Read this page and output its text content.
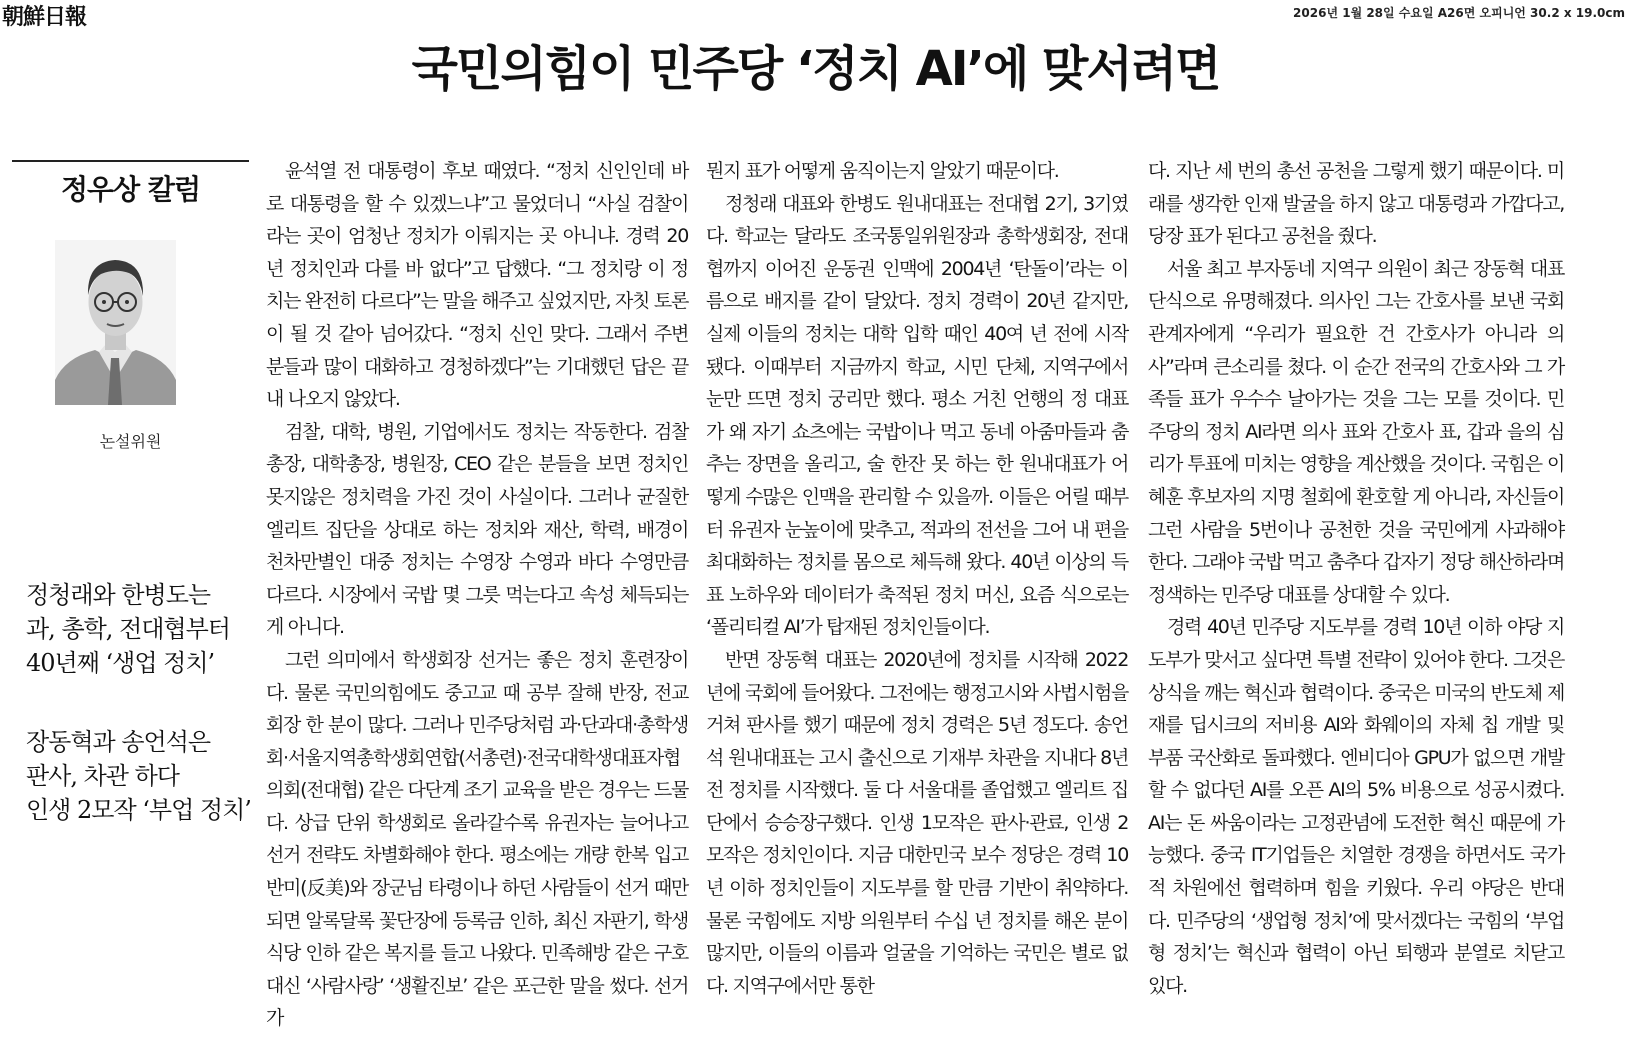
朝鮮日報	2026년 1월 28일 수요일 A26면 오피니언 30.2 x 19.0cm
국민의힘이 민주당 ‘정치 AI’에 맞서려면
정우상 칼럼
논설위원
정청래와 한병도는
과, 총학, 전대협부터
40년째 ‘생업 정치’
장동혁과 송언석은
판사, 차관 하다
인생 2모작 ‘부업 정치’

윤석열 전 대통령이 후보 때였다. “정치 신인인데 바로 대통령을 할 수 있겠느냐”고 물었더니 “사실 검찰이라는 곳이 엄청난 정치가 이뤄지는 곳 아니냐. 경력 20년 정치인과 다를 바 없다”고 답했다. “그 정치랑 이 정치는 완전히 다르다”는 말을 해주고 싶었지만, 자칫 토론이 될 것 같아 넘어갔다. “정치 신인 맞다. 그래서 주변 분들과 많이 대화하고 경청하겠다”는 기대했던 답은 끝내 나오지 않았다.

검찰, 대학, 병원, 기업에서도 정치는 작동한다. 검찰총장, 대학총장, 병원장, CEO 같은 분들을 보면 정치인 못지않은 정치력을 가진 것이 사실이다. 그러나 균질한 엘리트 집단을 상대로 하는 정치와 재산, 학력, 배경이 천차만별인 대중 정치는 수영장 수영과 바다 수영만큼 다르다. 시장에서 국밥 몇 그릇 먹는다고 속성 체득되는 게 아니다.

그런 의미에서 학생회장 선거는 좋은 정치 훈련장이다. 물론 국민의힘에도 중고교 때 공부 잘해 반장, 전교회장 한 분이 많다. 그러나 민주당처럼 과·단과대·총학생회·서울지역총학생회연합(서총련)·전국대학생대표자협의회(전대협) 같은 다단계 조기 교육을 받은 경우는 드물다. 상급 단위 학생회로 올라갈수록 유권자는 늘어나고 선거 전략도 차별화해야 한다. 평소에는 개량 한복 입고 반미(反美)와 장군님 타령이나 하던 사람들이 선거 때만 되면 알록달록 꽃단장에 등록금 인하, 최신 자판기, 학생 식당 인하 같은 복지를 들고 나왔다. 민족해방 같은 구호 대신 ‘사람사랑’ ‘생활진보’ 같은 포근한 말을 썼다. 선거가

뭔지 표가 어떻게 움직이는지 알았기 때문이다.

정청래 대표와 한병도 원내대표는 전대협 2기, 3기였다. 학교는 달라도 조국통일위원장과 총학생회장, 전대협까지 이어진 운동권 인맥에 2004년 ‘탄돌이’라는 이름으로 배지를 같이 달았다. 정치 경력이 20년 같지만, 실제 이들의 정치는 대학 입학 때인 40여 년 전에 시작됐다. 이때부터 지금까지 학교, 시민 단체, 지역구에서 눈만 뜨면 정치 궁리만 했다. 평소 거친 언행의 정 대표가 왜 자기 쇼츠에는 국밥이나 먹고 동네 아줌마들과 춤추는 장면을 올리고, 술 한잔 못 하는 한 원내대표가 어떻게 수많은 인맥을 관리할 수 있을까. 이들은 어릴 때부터 유권자 눈높이에 맞추고, 적과의 전선을 그어 내 편을 최대화하는 정치를 몸으로 체득해 왔다. 40년 이상의 득표 노하우와 데이터가 축적된 정치 머신, 요즘 식으로는 ‘폴리티컬 AI’가 탑재된 정치인들이다.

반면 장동혁 대표는 2020년에 정치를 시작해 2022년에 국회에 들어왔다. 그전에는 행정고시와 사법시험을 거쳐 판사를 했기 때문에 정치 경력은 5년 정도다. 송언석 원내대표는 고시 출신으로 기재부 차관을 지내다 8년 전 정치를 시작했다. 둘 다 서울대를 졸업했고 엘리트 집단에서 승승장구했다. 인생 1모작은 판사·관료, 인생 2모작은 정치인이다. 지금 대한민국 보수 정당은 경력 10년 이하 정치인들이 지도부를 할 만큼 기반이 취약하다. 물론 국힘에도 지방 의원부터 수십 년 정치를 해온 분이 많지만, 이들의 이름과 얼굴을 기억하는 국민은 별로 없다. 지역구에서만 통한

다. 지난 세 번의 총선 공천을 그렇게 했기 때문이다. 미래를 생각한 인재 발굴을 하지 않고 대통령과 가깝다고, 당장 표가 된다고 공천을 줬다.

서울 최고 부자동네 지역구 의원이 최근 장동혁 대표 단식으로 유명해졌다. 의사인 그는 간호사를 보낸 국회 관계자에게 “우리가 필요한 건 간호사가 아니라 의사”라며 큰소리를 쳤다. 이 순간 전국의 간호사와 그 가족들 표가 우수수 날아가는 것을 그는 모를 것이다. 민주당의 정치 AI라면 의사 표와 간호사 표, 갑과 을의 심리가 투표에 미치는 영향을 계산했을 것이다. 국힘은 이혜훈 후보자의 지명 철회에 환호할 게 아니라, 자신들이 그런 사람을 5번이나 공천한 것을 국민에게 사과해야 한다. 그래야 국밥 먹고 춤추다 갑자기 정당 해산하라며 정색하는 민주당 대표를 상대할 수 있다.

경력 40년 민주당 지도부를 경력 10년 이하 야당 지도부가 맞서고 싶다면 특별 전략이 있어야 한다. 그것은 상식을 깨는 혁신과 협력이다. 중국은 미국의 반도체 제재를 딥시크의 저비용 AI와 화웨이의 자체 칩 개발 및 부품 국산화로 돌파했다. 엔비디아 GPU가 없으면 개발할 수 없다던 AI를 오픈 AI의 5% 비용으로 성공시켰다. AI는 돈 싸움이라는 고정관념에 도전한 혁신 때문에 가능했다. 중국 IT기업들은 치열한 경쟁을 하면서도 국가적 차원에선 협력하며 힘을 키웠다. 우리 야당은 반대다. 민주당의 ‘생업형 정치’에 맞서겠다는 국힘의 ‘부업형 정치’는 혁신과 협력이 아닌 퇴행과 분열로 치닫고 있다.
